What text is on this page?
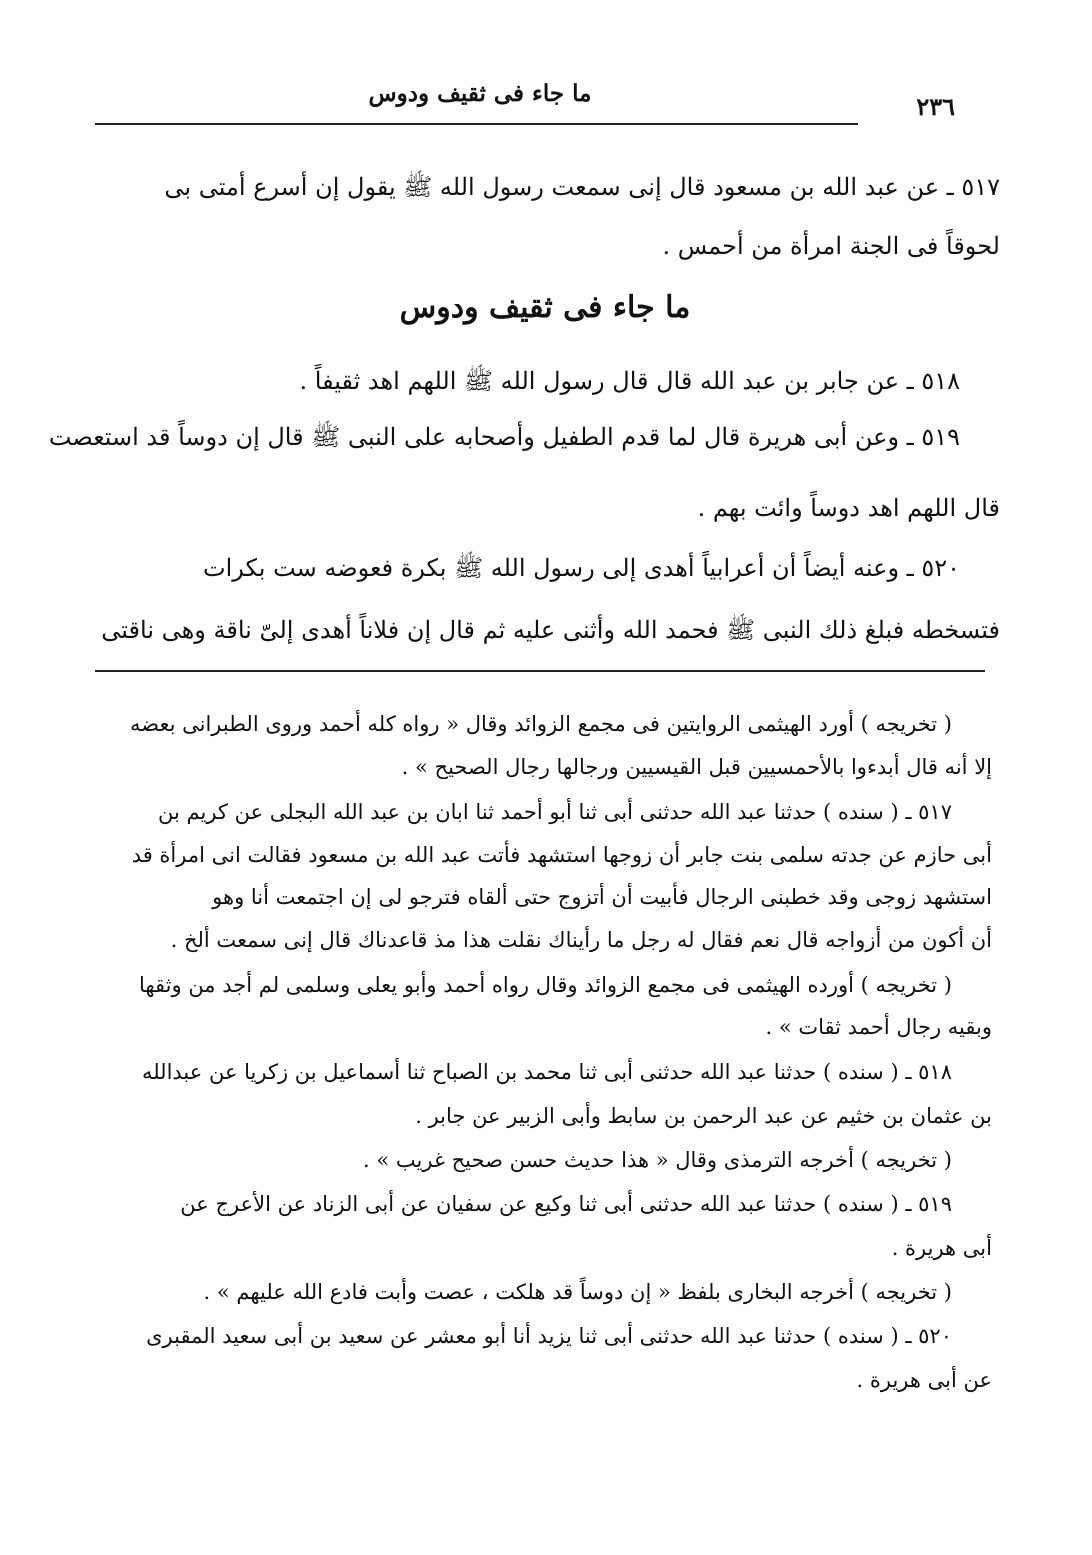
ما جاء فى ثقيف ودوس	٢٣٦
٥١٧ ـ عن عبد الله بن مسعود قال إنى سمعت رسول الله ﷺ يقول إن أسرع أمتى بى
لحوقاً فى الجنة امرأة من أحمس .
ما جاء فى ثقيف ودوس
٥١٨ ـ عن جابر بن عبد الله قال قال رسول الله ﷺ اللهم اهد ثقيفاً .
٥١٩ ـ وعن أبى هريرة قال لما قدم الطفيل وأصحابه على النبى ﷺ قال إن دوساً قد استعصت
قال اللهم اهد دوساً وائت بهم .
٥٢٠ ـ وعنه أيضاً أن أعرابياً أهدى إلى رسول الله ﷺ بكرة فعوضه ست بكرات
فتسخطه فبلغ ذلك النبى ﷺ فحمد الله وأثنى عليه ثم قال إن فلاناً أهدى إلىّ ناقة وهى ناقتى
( تخريجه ) أورد الهيثمى الروايتين فى مجمع الزوائد وقال « رواه كله أحمد وروى الطبرانى بعضه
إلا أنه قال أبدءوا بالأحمسيين قبل القيسيين ورجالها رجال الصحيح » .
٥١٧ ـ ( سنده ) حدثنا عبد الله حدثنى أبى ثنا أبو أحمد ثنا ابان بن عبد الله البجلى عن كريم بن
أبى حازم عن جدته سلمى بنت جابر أن زوجها استشهد فأتت عبد الله بن مسعود فقالت انى امرأة قد
استشهد زوجى وقد خطبنى الرجال فأبيت أن أتزوج حتى ألقاه فترجو لى إن اجتمعت أنا وهو
أن أكون من أزواجه قال نعم فقال له رجل ما رأيناك نقلت هذا مذ قاعدناك قال إنى سمعت ألخ .
( تخريجه ) أورده الهيثمى فى مجمع الزوائد وقال رواه أحمد وأبو يعلى وسلمى لم أجد من وثقها
وبقيه رجال أحمد ثقات » .
٥١٨ ـ ( سنده ) حدثنا عبد الله حدثنى أبى ثنا محمد بن الصباح ثنا أسماعيل بن زكريا عن عبدالله
بن عثمان بن خثيم عن عبد الرحمن بن سابط وأبى الزبير عن جابر .
( تخريجه ) أخرجه الترمذى وقال « هذا حديث حسن صحيح غريب » .
٥١٩ ـ ( سنده ) حدثنا عبد الله حدثنى أبى ثنا وكيع عن سفيان عن أبى الزناد عن الأعرج عن
أبى هريرة .
( تخريجه ) أخرجه البخارى بلفظ « إن دوساً قد هلكت ، عصت وأبت فادع الله عليهم » .
٥٢٠ ـ ( سنده ) حدثنا عبد الله حدثنى أبى ثنا يزيد أنا أبو معشر عن سعيد بن أبى سعيد المقبرى
عن أبى هريرة .
